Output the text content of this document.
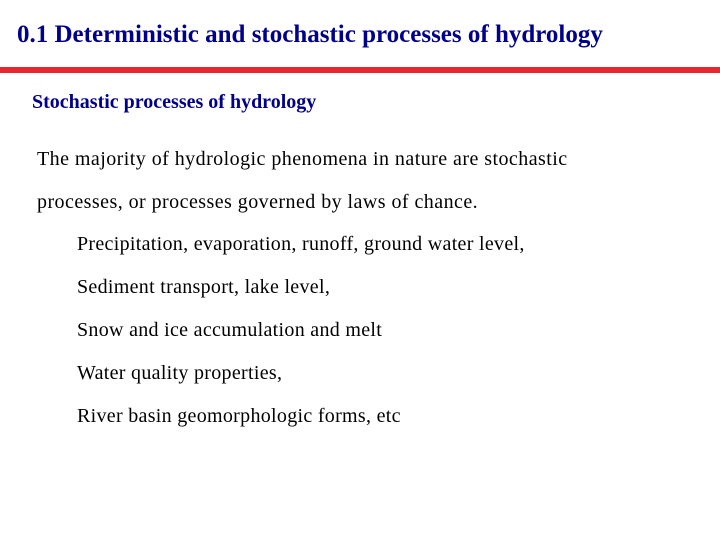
0.1 Deterministic and stochastic processes of hydrology
Stochastic processes of hydrology

The majority of hydrologic phenomena in nature are stochastic

processes, or processes governed by laws of chance.

Precipitation, evaporation, runoff, ground water level,
Sediment transport, lake level,
Snow and ice accumulation and melt
Water quality properties,
River basin geomorphologic forms, etc
